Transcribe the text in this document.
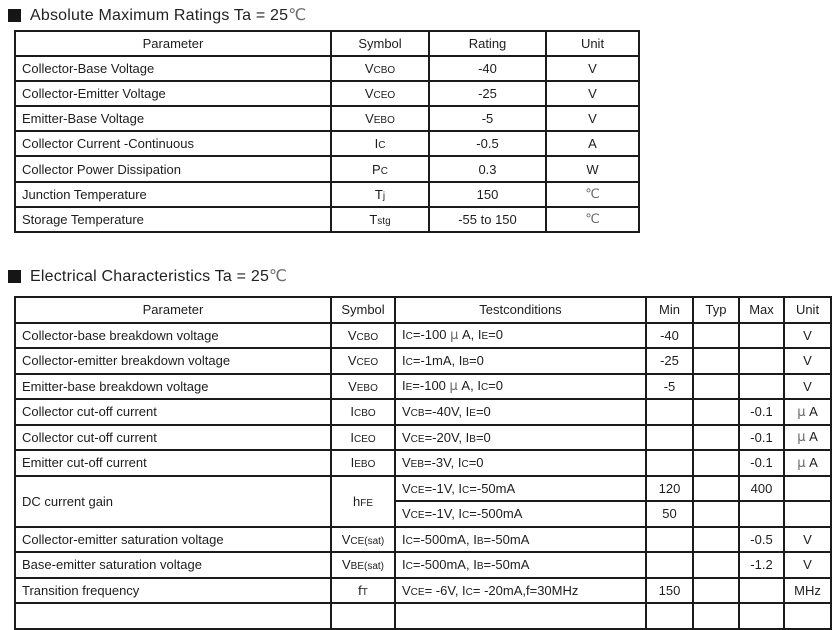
Absolute Maximum Ratings Ta = 25℃
Parameter	Symbol	Rating	Unit
Collector-Base Voltage	VCBO	-40	V
Collector-Emitter Voltage	VCEO	-25	V
Emitter-Base Voltage	VEBO	-5	V
Collector Current -Continuous	IC	-0.5	A
Collector Power Dissipation	PC	0.3	W
Junction Temperature	Tj	150	℃
Storage Temperature	Tstg	-55 to 150	℃
Electrical Characteristics Ta = 25℃
Parameter	Symbol	Testconditions	Min	Typ	Max	Unit
Collector-base breakdown voltage	VCBO	IC=-100 μ A, IE=0	-40			V
Collector-emitter breakdown voltage	VCEO	IC=-1mA, IB=0	-25			V
Emitter-base breakdown voltage	VEBO	IE=-100 μ A, IC=0	-5			V
Collector cut-off current	ICBO	VCB=-40V, IE=0			-0.1	μ A
Collector cut-off current	ICEO	VCE=-20V, IB=0			-0.1	μ A
Emitter cut-off current	IEBO	VEB=-3V, IC=0			-0.1	μ A
DC current gain	hFE	VCE=-1V, IC=-50mA	120		400	
		VCE=-1V, IC=-500mA	50			
Collector-emitter saturation voltage	VCE(sat)	IC=-500mA, IB=-50mA			-0.5	V
Base-emitter saturation voltage	VBE(sat)	IC=-500mA, IB=-50mA			-1.2	V
Transition frequency	fT	VCE= -6V, IC= -20mA,f=30MHz	150			MHz
